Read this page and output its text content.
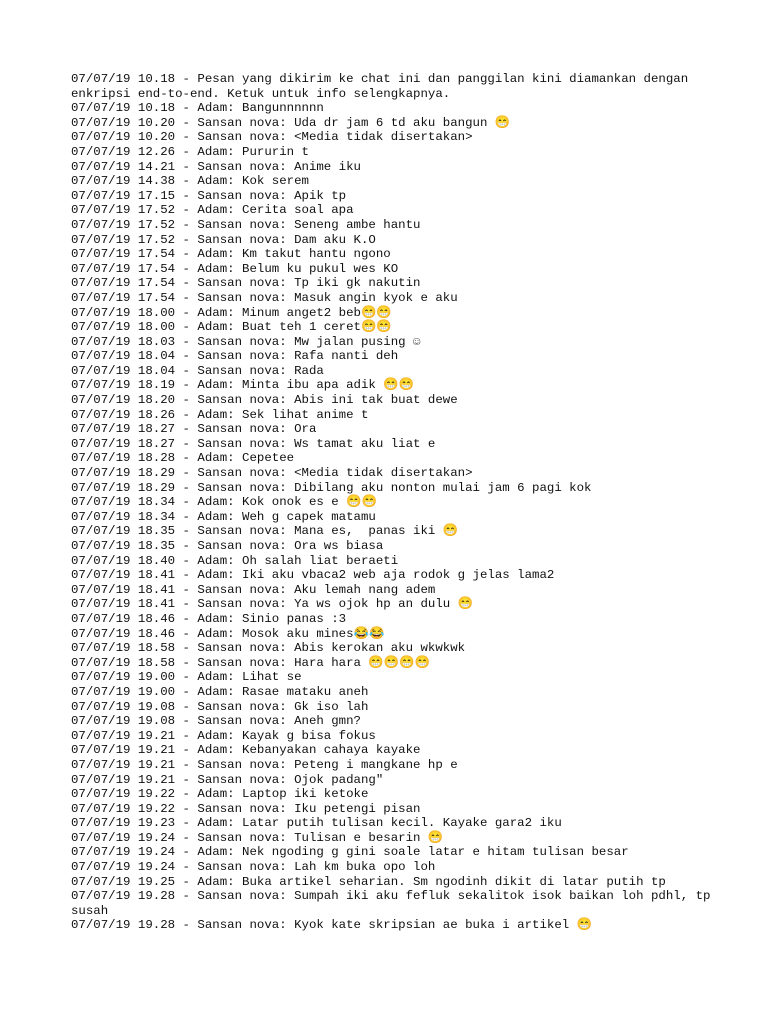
07/07/19 10.18 - Pesan yang dikirim ke chat ini dan panggilan kini diamankan dengan enkripsi end-to-end. Ketuk untuk info selengkapnya.
07/07/19 10.18 - Adam: Bangunnnnnn
07/07/19 10.20 - Sansan nova: Uda dr jam 6 td aku bangun 😁
07/07/19 10.20 - Sansan nova: <Media tidak disertakan>
07/07/19 12.26 - Adam: Pururin t
07/07/19 14.21 - Sansan nova: Anime iku
07/07/19 14.38 - Adam: Kok serem
07/07/19 17.15 - Sansan nova: Apik tp
07/07/19 17.52 - Adam: Cerita soal apa
07/07/19 17.52 - Sansan nova: Seneng ambe hantu
07/07/19 17.52 - Sansan nova: Dam aku K.O
07/07/19 17.54 - Adam: Km takut hantu ngono
07/07/19 17.54 - Adam: Belum ku pukul wes KO
07/07/19 17.54 - Sansan nova: Tp iki gk nakutin
07/07/19 17.54 - Sansan nova: Masuk angin kyok e aku
07/07/19 18.00 - Adam: Minum anget2 beb😁😁
07/07/19 18.00 - Adam: Buat teh 1 ceret😁😁
07/07/19 18.03 - Sansan nova: Mw jalan pusing ☺
07/07/19 18.04 - Sansan nova: Rafa nanti deh
07/07/19 18.04 - Sansan nova: Rada
07/07/19 18.19 - Adam: Minta ibu apa adik 😁😁
07/07/19 18.20 - Sansan nova: Abis ini tak buat dewe
07/07/19 18.26 - Adam: Sek lihat anime t
07/07/19 18.27 - Sansan nova: Ora
07/07/19 18.27 - Sansan nova: Ws tamat aku liat e
07/07/19 18.28 - Adam: Cepetee
07/07/19 18.29 - Sansan nova: <Media tidak disertakan>
07/07/19 18.29 - Sansan nova: Dibilang aku nonton mulai jam 6 pagi kok
07/07/19 18.34 - Adam: Kok onok es e 😁😁
07/07/19 18.34 - Adam: Weh g capek matamu
07/07/19 18.35 - Sansan nova: Mana es,  panas iki 😁
07/07/19 18.35 - Sansan nova: Ora ws biasa
07/07/19 18.40 - Adam: Oh salah liat beraeti
07/07/19 18.41 - Adam: Iki aku vbaca2 web aja rodok g jelas lama2
07/07/19 18.41 - Sansan nova: Aku lemah nang adem
07/07/19 18.41 - Sansan nova: Ya ws ojok hp an dulu 😁
07/07/19 18.46 - Adam: Sinio panas :3
07/07/19 18.46 - Adam: Mosok aku mines😂😂
07/07/19 18.58 - Sansan nova: Abis kerokan aku wkwkwk
07/07/19 18.58 - Sansan nova: Hara hara 😁😁😁😁
07/07/19 19.00 - Adam: Lihat se
07/07/19 19.00 - Adam: Rasae mataku aneh
07/07/19 19.08 - Sansan nova: Gk iso lah
07/07/19 19.08 - Sansan nova: Aneh gmn?
07/07/19 19.21 - Adam: Kayak g bisa fokus
07/07/19 19.21 - Adam: Kebanyakan cahaya kayake
07/07/19 19.21 - Sansan nova: Peteng i mangkane hp e
07/07/19 19.21 - Sansan nova: Ojok padang"
07/07/19 19.22 - Adam: Laptop iki ketoke
07/07/19 19.22 - Sansan nova: Iku petengi pisan
07/07/19 19.23 - Adam: Latar putih tulisan kecil. Kayake gara2 iku
07/07/19 19.24 - Sansan nova: Tulisan e besarin 😁
07/07/19 19.24 - Adam: Nek ngoding g gini soale latar e hitam tulisan besar
07/07/19 19.24 - Sansan nova: Lah km buka opo loh
07/07/19 19.25 - Adam: Buka artikel seharian. Sm ngodinh dikit di latar putih tp
07/07/19 19.28 - Sansan nova: Sumpah iki aku fefluk sekalitok isok baikan loh pdhl, tp susah
07/07/19 19.28 - Sansan nova: Kyok kate skripsian ae buka i artikel 😁
